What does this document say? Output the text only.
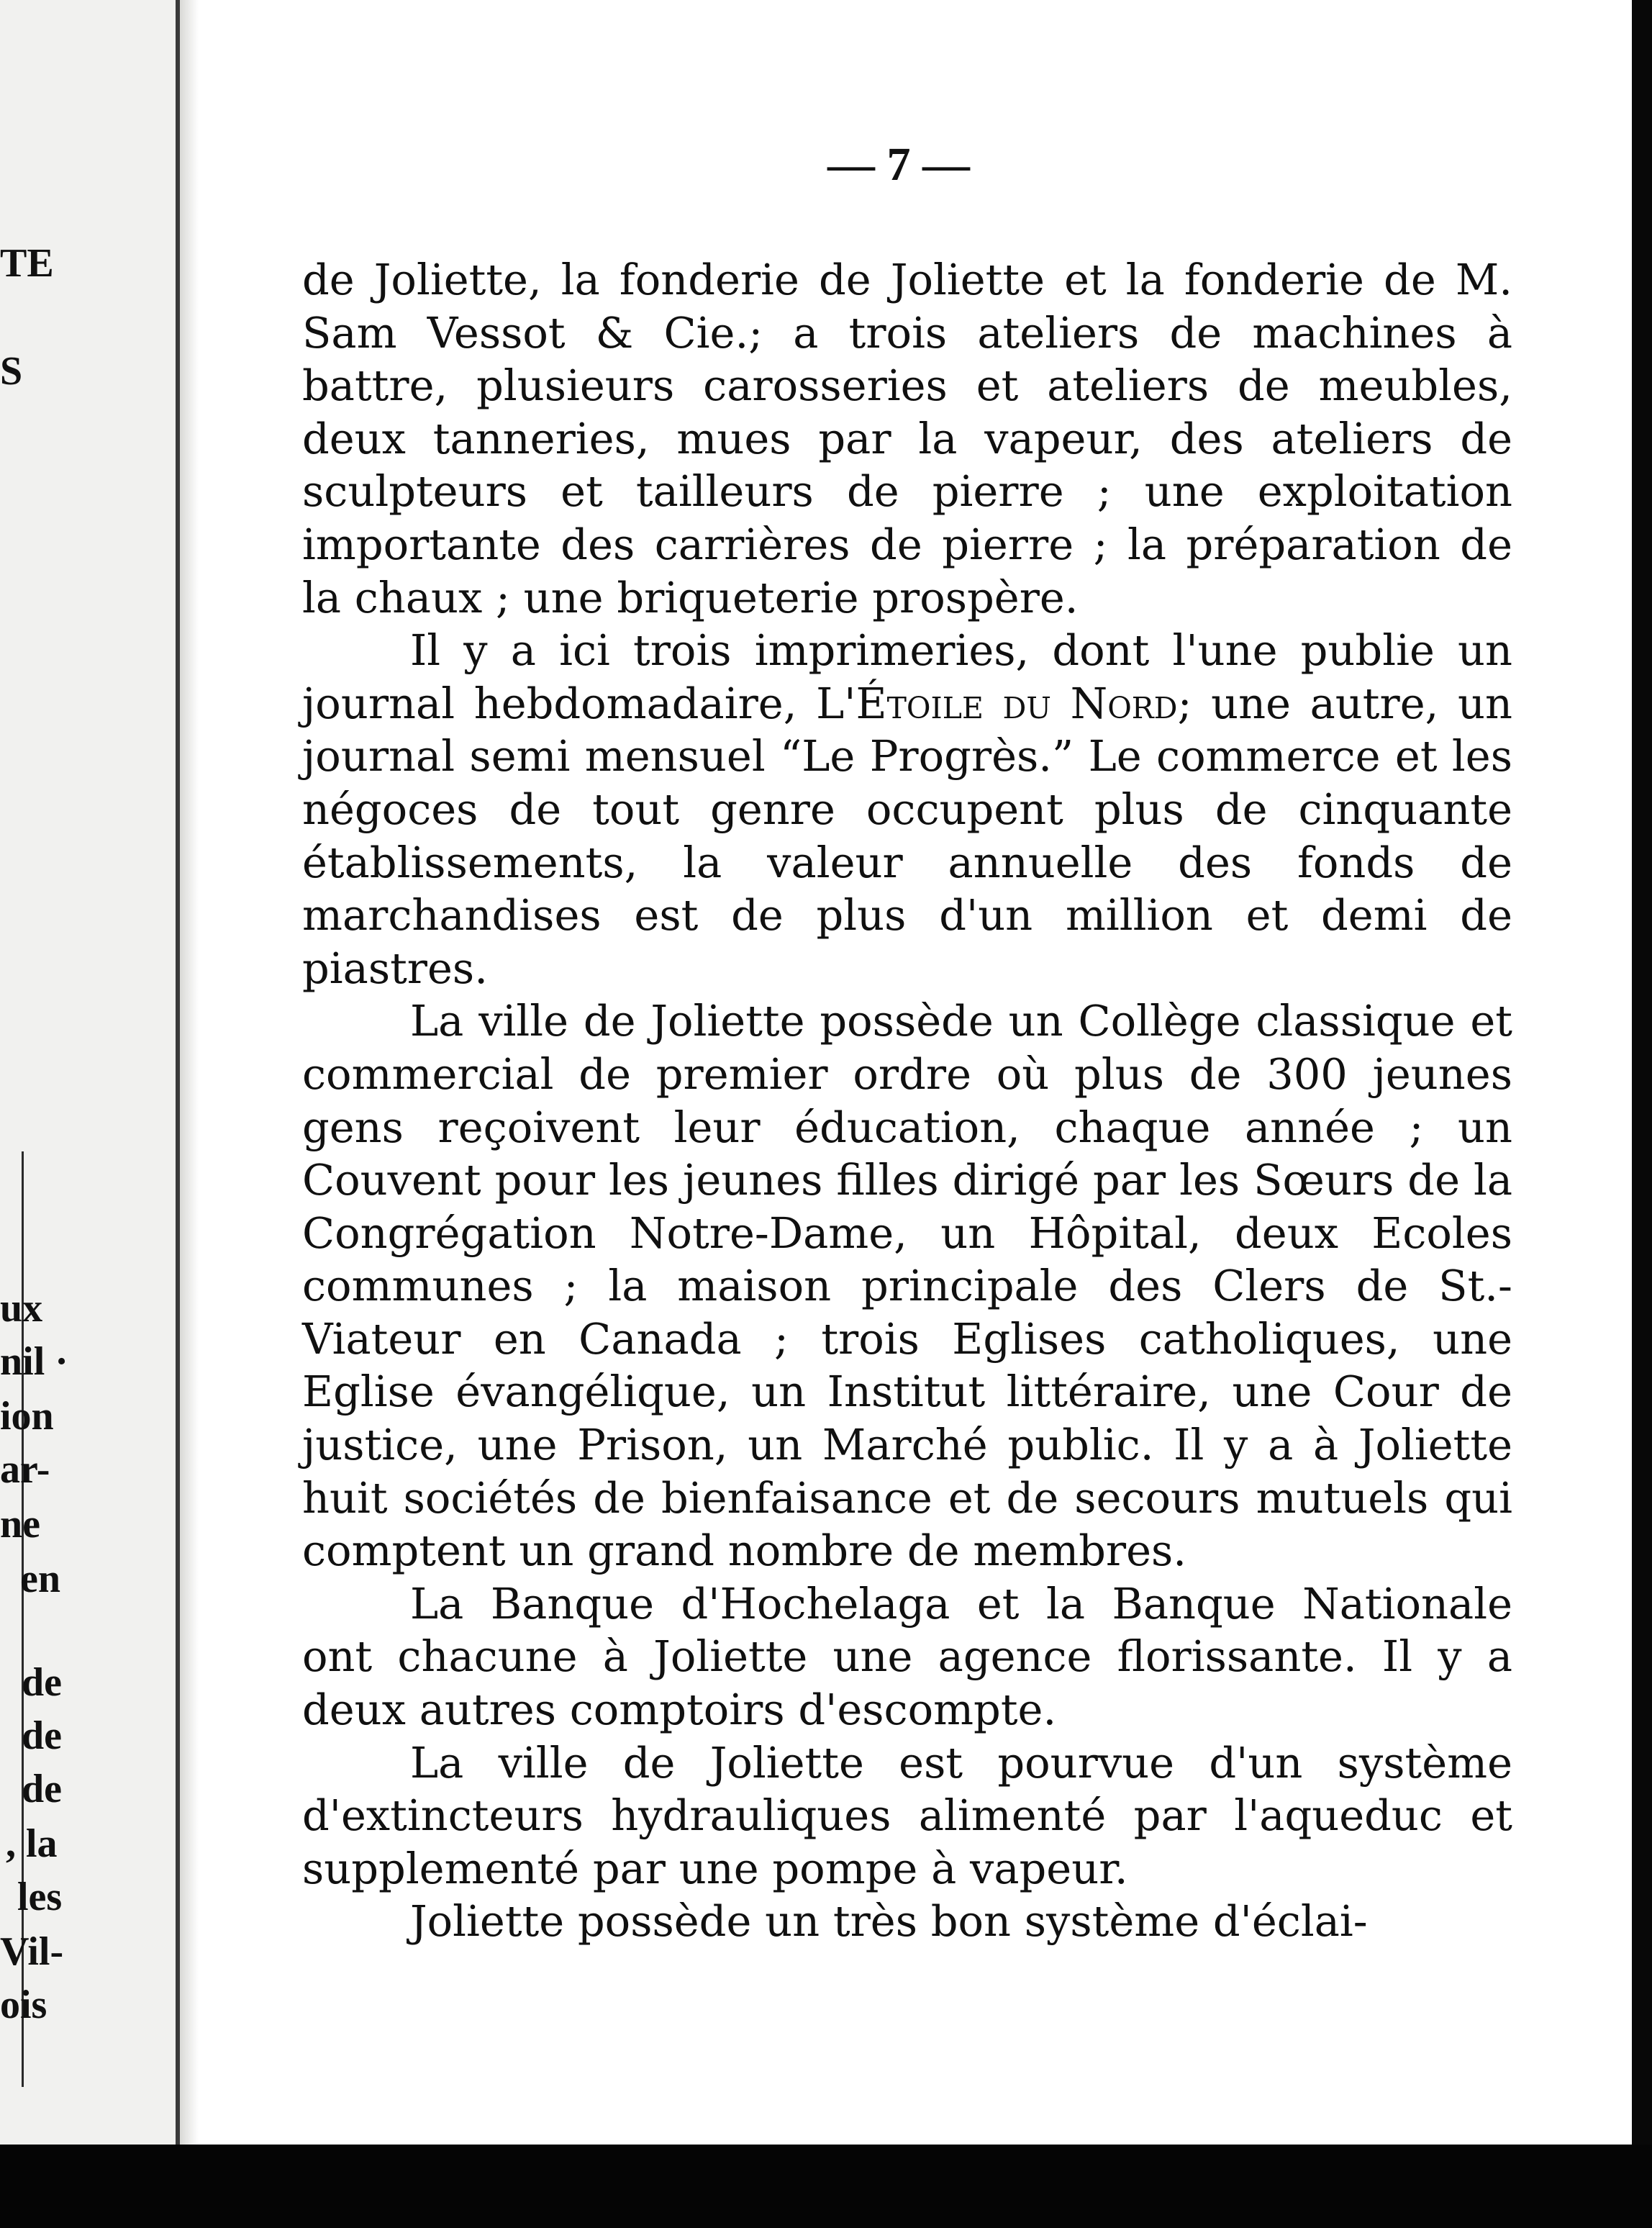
TE
S
ux
nil ·
ion
ar-
ne
en
de
de
de
, la
les
Vil-
ois
— 7 —

de Joliette, la fonderie de Joliette et la fonderie de M. Sam Vessot & Cie.; a trois ateliers de machines à battre, plusieurs carosseries et ateliers de meubles, deux tanneries, mues par la vapeur, des ateliers de sculpteurs et tailleurs de pierre ; une exploitation importante des carrières de pierre ; la préparation de la chaux ; une briqueterie prospère.

Il y a ici trois imprimeries, dont l'une publie un journal hebdomadaire, L'Étoile du Nord; une autre, un journal semi mensuel “Le Progrès.” Le commerce et les négoces de tout genre occupent plus de cinquante établissements, la valeur annuelle des fonds de marchandises est de plus d'un million et demi de piastres.

La ville de Joliette possède un Collège classique et commercial de premier ordre où plus de 300 jeunes gens reçoivent leur éducation, chaque année ; un Couvent pour les jeunes filles dirigé par les Sœurs de la Congrégation Notre-Dame, un Hôpital, deux Ecoles communes ; la maison principale des Clers de St.-Viateur en Canada ; trois Eglises catholiques, une Eglise évangélique, un Institut littéraire, une Cour de justice, une Prison, un Marché public. Il y a à Joliette huit sociétés de bienfaisance et de secours mutuels qui comptent un grand nombre de membres.

La Banque d'Hochelaga et la Banque Nationale ont chacune à Joliette une agence florissante. Il y a deux autres comptoirs d'escompte.

La ville de Joliette est pourvue d'un système d'extincteurs hydrauliques alimenté par l'aqueduc et supplementé par une pompe à vapeur.

Joliette possède un très bon système d'éclai-
